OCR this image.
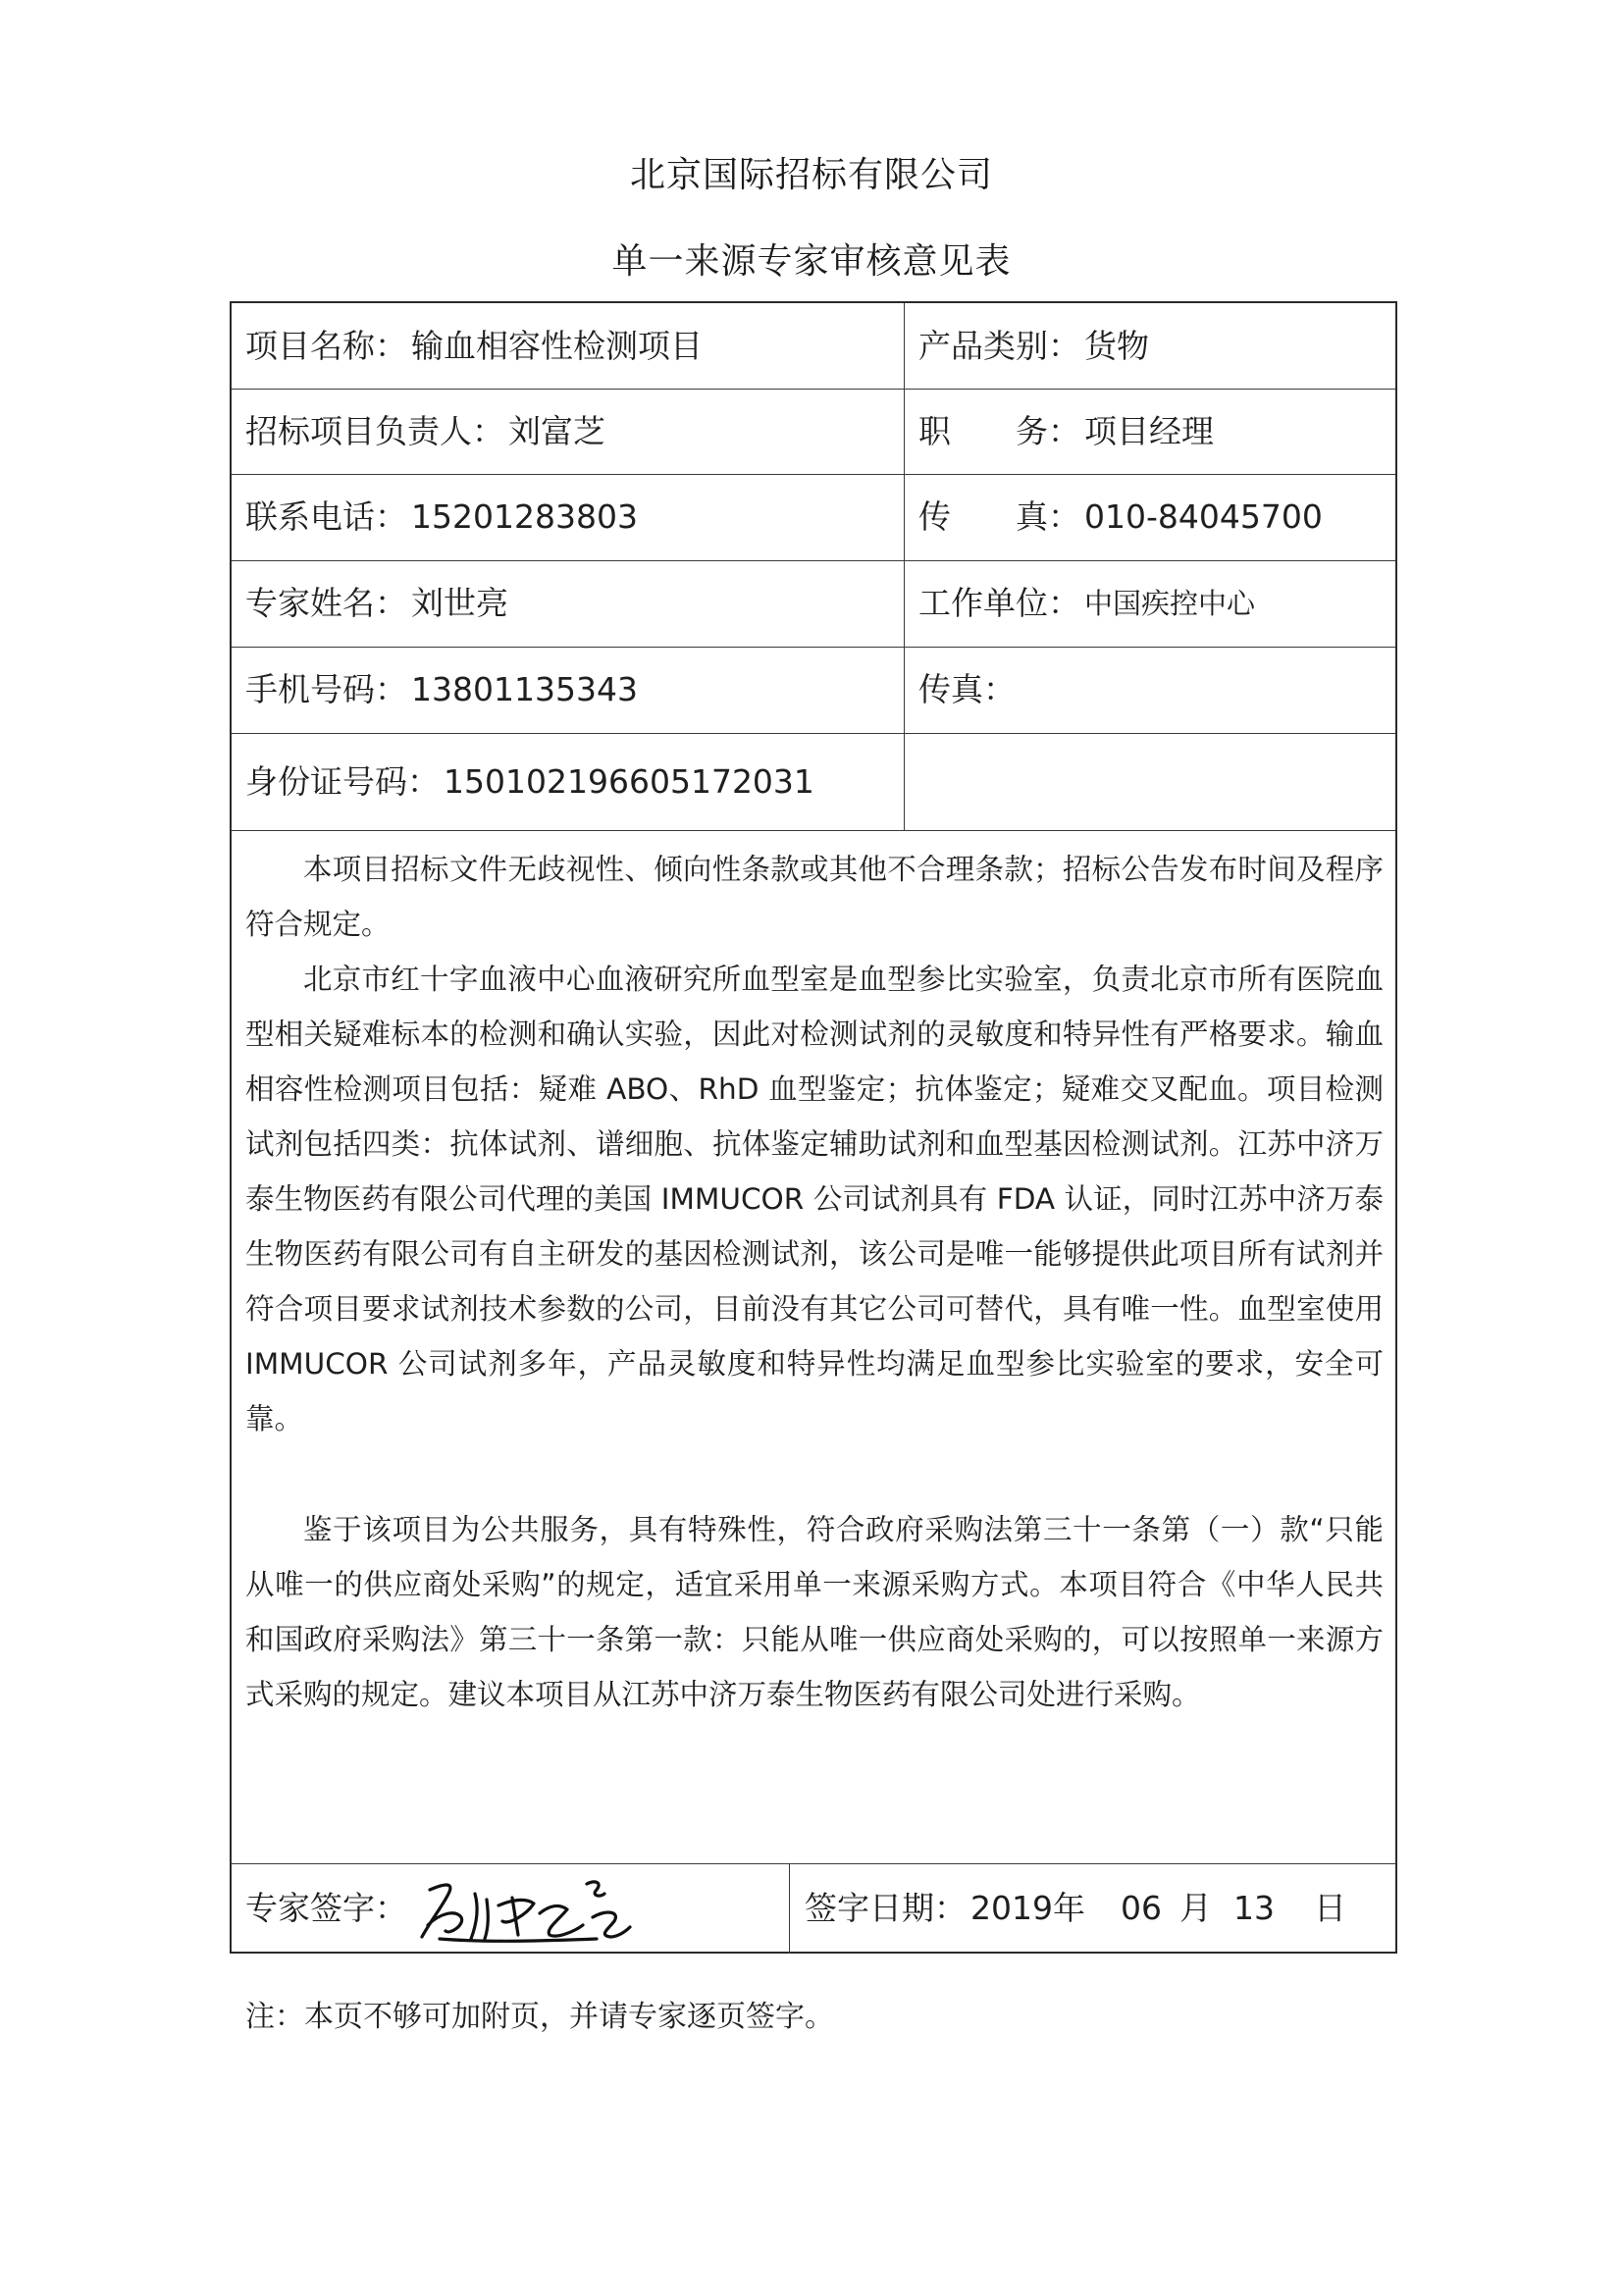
北京国际招标有限公司
单一来源专家审核意见表
项目名称： 输血相容性检测项目	产品类别： 货物
招标项目负责人： 刘富芝	职　　务： 项目经理
联系电话： 15201283803	传　　真： 010-84045700
专家姓名： 刘世亮	工作单位： 中国疾控中心
手机号码： 13801135343	传真：
身份证号码： 150102196605172031

本项目招标文件无歧视性、倾向性条款或其他不合理条款；招标公告发布时间及程序符合规定。

北京市红十字血液中心血液研究所血型室是血型参比实验室，负责北京市所有医院血型相关疑难标本的检测和确认实验，因此对检测试剂的灵敏度和特异性有严格要求。输血相容性检测项目包括：疑难 ABO、RhD 血型鉴定；抗体鉴定；疑难交叉配血。项目检测试剂包括四类：抗体试剂、谱细胞、抗体鉴定辅助试剂和血型基因检测试剂。江苏中济万泰生物医药有限公司代理的美国 IMMUCOR 公司试剂具有 FDA 认证，同时江苏中济万泰生物医药有限公司有自主研发的基因检测试剂，该公司是唯一能够提供此项目所有试剂并符合项目要求试剂技术参数的公司，目前没有其它公司可替代，具有唯一性。血型室使用 IMMUCOR 公司试剂多年，产品灵敏度和特异性均满足血型参比实验室的要求，安全可靠。

鉴于该项目为公共服务，具有特殊性，符合政府采购法第三十一条第（一）款“只能从唯一的供应商处采购”的规定，适宜采用单一来源采购方式。本项目符合《中华人民共和国政府采购法》第三十一条第一款：只能从唯一供应商处采购的，可以按照单一来源方式采购的规定。建议本项目从江苏中济万泰生物医药有限公司处进行采购。

专家签字：	签字日期： 2019 年 06 月 13 日
注：本页不够可加附页，并请专家逐页签字。
